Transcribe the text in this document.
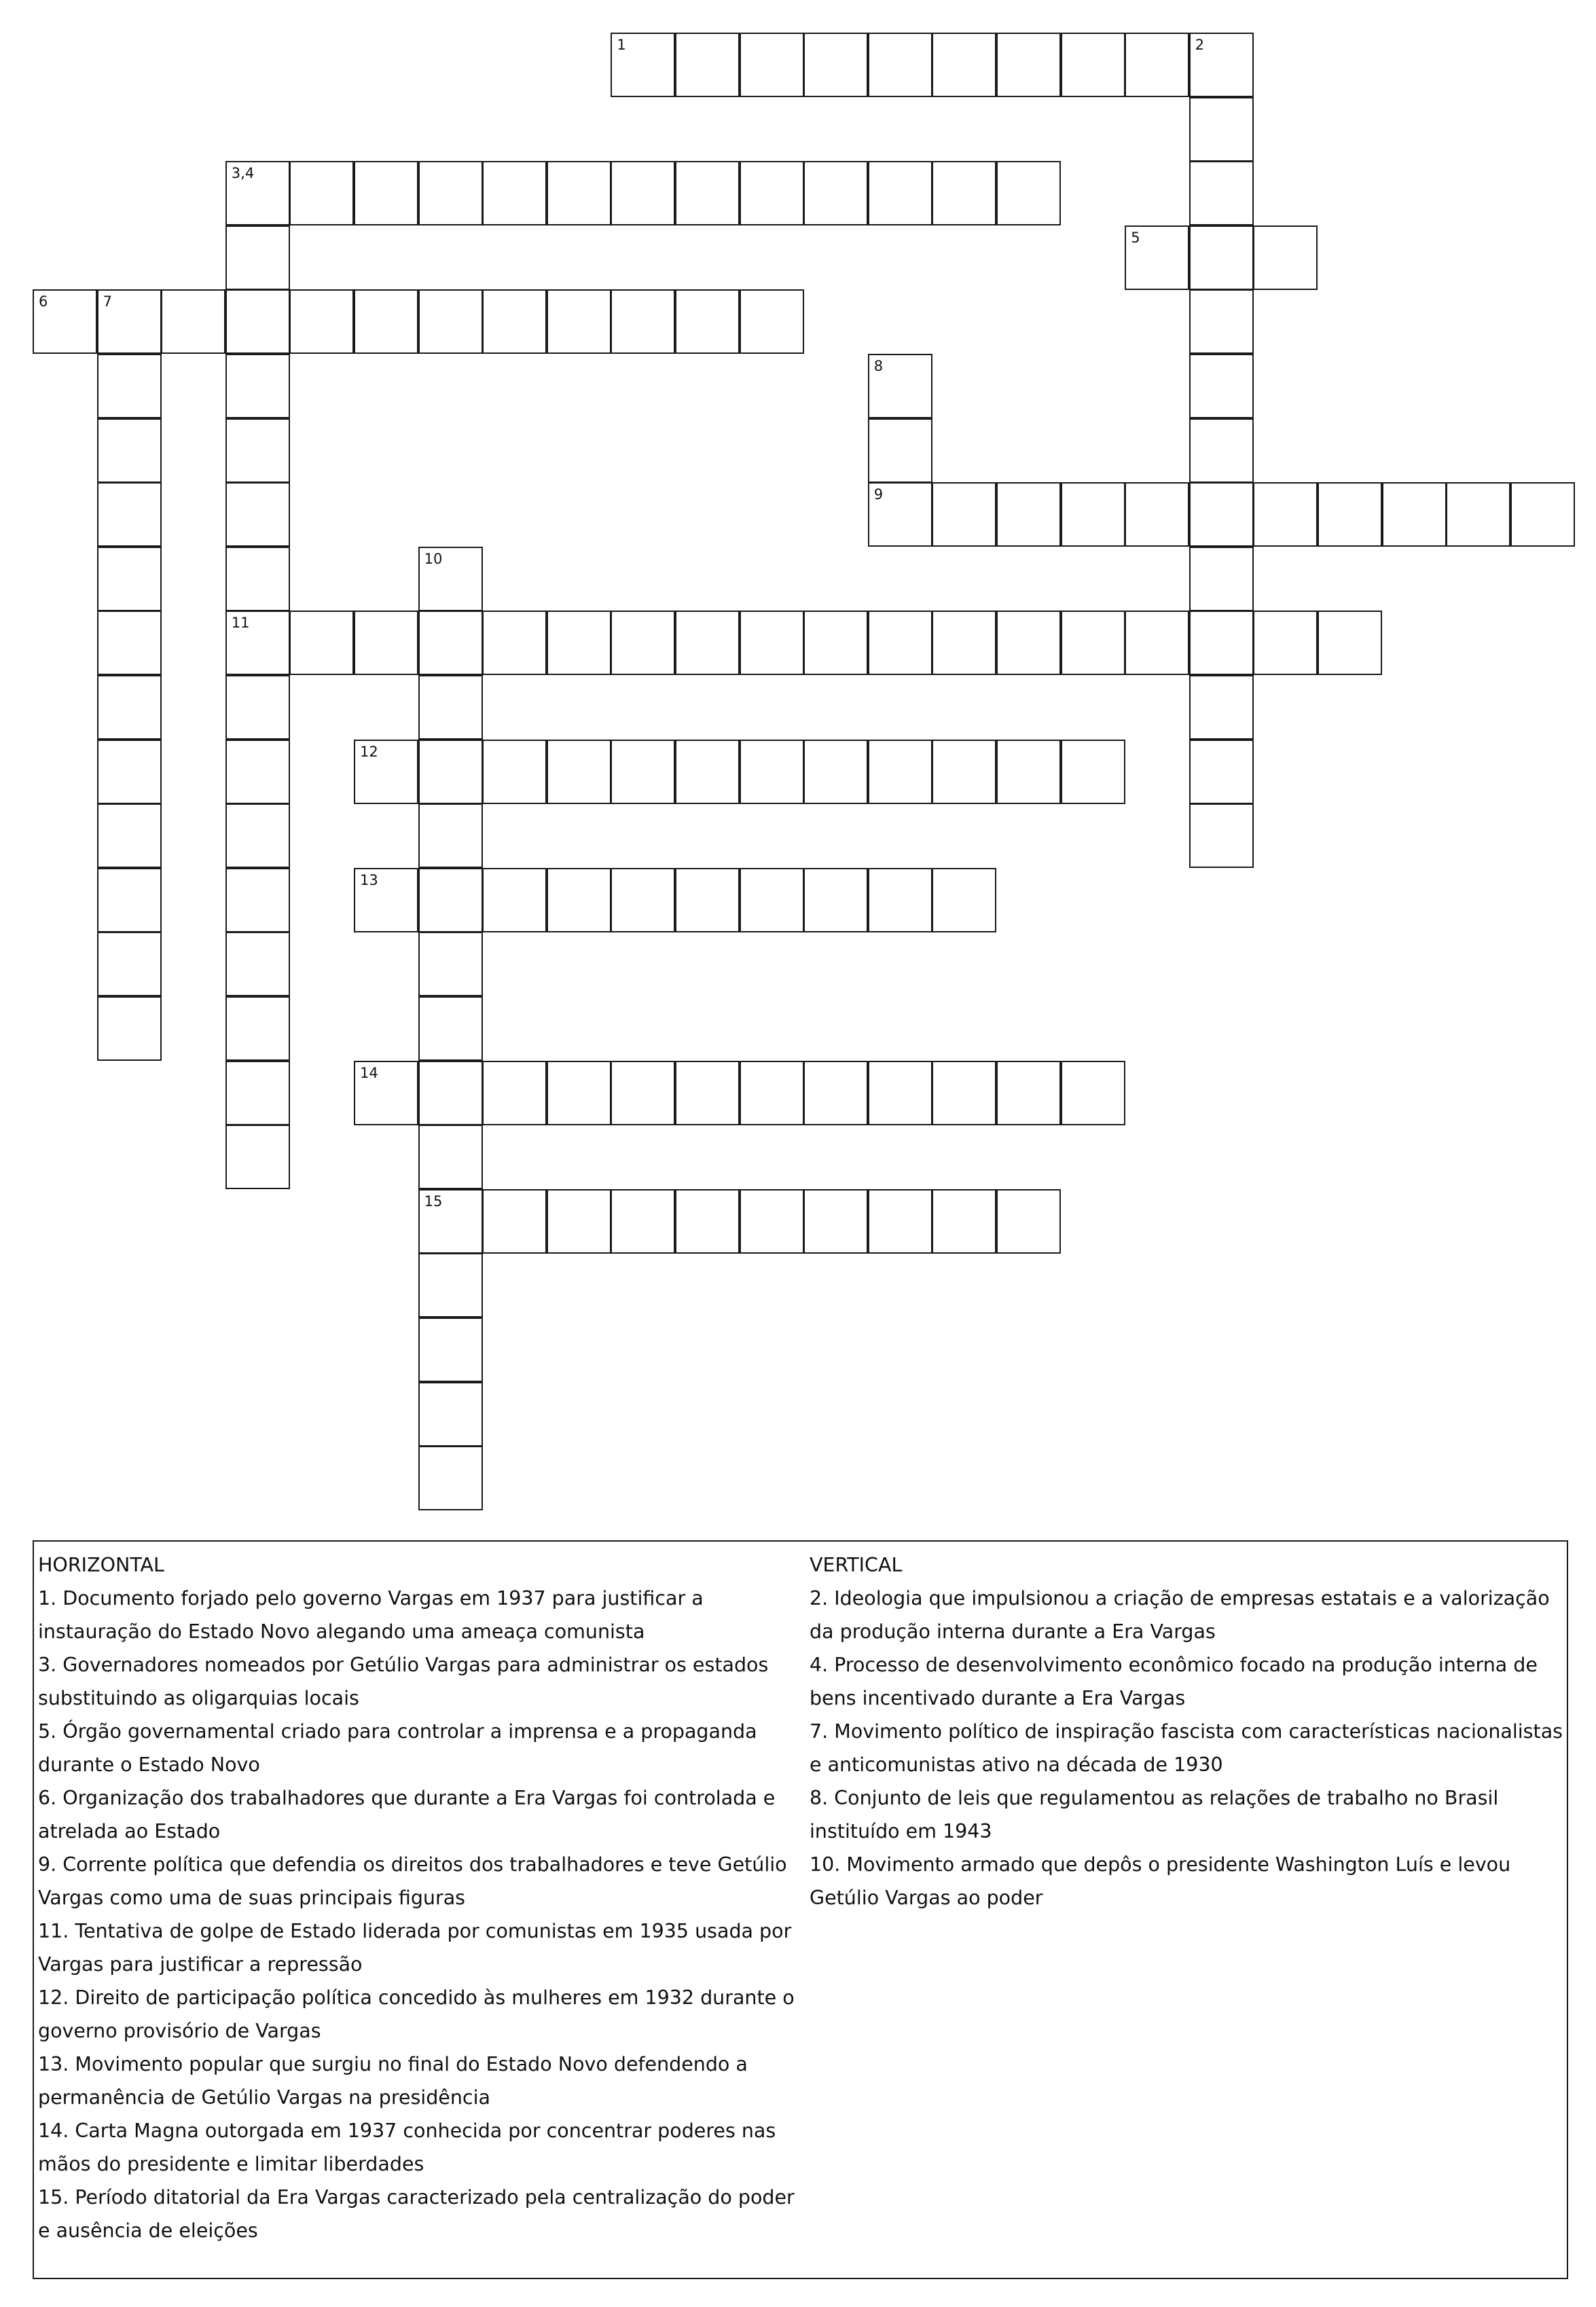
1	2
3,4
11
5
6	7
8
9
10
15
12
13
14

HORIZONTAL

1. Documento forjado pelo governo Vargas em 1937 para justificar a instauração do Estado Novo alegando uma ameaça comunista

3. Governadores nomeados por Getúlio Vargas para administrar os estados substituindo as oligarquias locais

5. Órgão governamental criado para controlar a imprensa e a propaganda durante o Estado Novo

6. Organização dos trabalhadores que durante a Era Vargas foi controlada e atrelada ao Estado

9. Corrente política que defendia os direitos dos trabalhadores e teve Getúlio Vargas como uma de suas principais figuras

11. Tentativa de golpe de Estado liderada por comunistas em 1935 usada por Vargas para justificar a repressão

12. Direito de participação política concedido às mulheres em 1932 durante o governo provisório de Vargas

13. Movimento popular que surgiu no final do Estado Novo defendendo a permanência de Getúlio Vargas na presidência

14. Carta Magna outorgada em 1937 conhecida por concentrar poderes nas mãos do presidente e limitar liberdades

15. Período ditatorial da Era Vargas caracterizado pela centralização do poder e ausência de eleições

VERTICAL

2. Ideologia que impulsionou a criação de empresas estatais e a valorização da produção interna durante a Era Vargas

4. Processo de desenvolvimento econômico focado na produção interna de bens incentivado durante a Era Vargas

7. Movimento político de inspiração fascista com características nacionalistas e anticomunistas ativo na década de 1930

8. Conjunto de leis que regulamentou as relações de trabalho no Brasil instituído em 1943

10. Movimento armado que depôs o presidente Washington Luís e levou Getúlio Vargas ao poder
